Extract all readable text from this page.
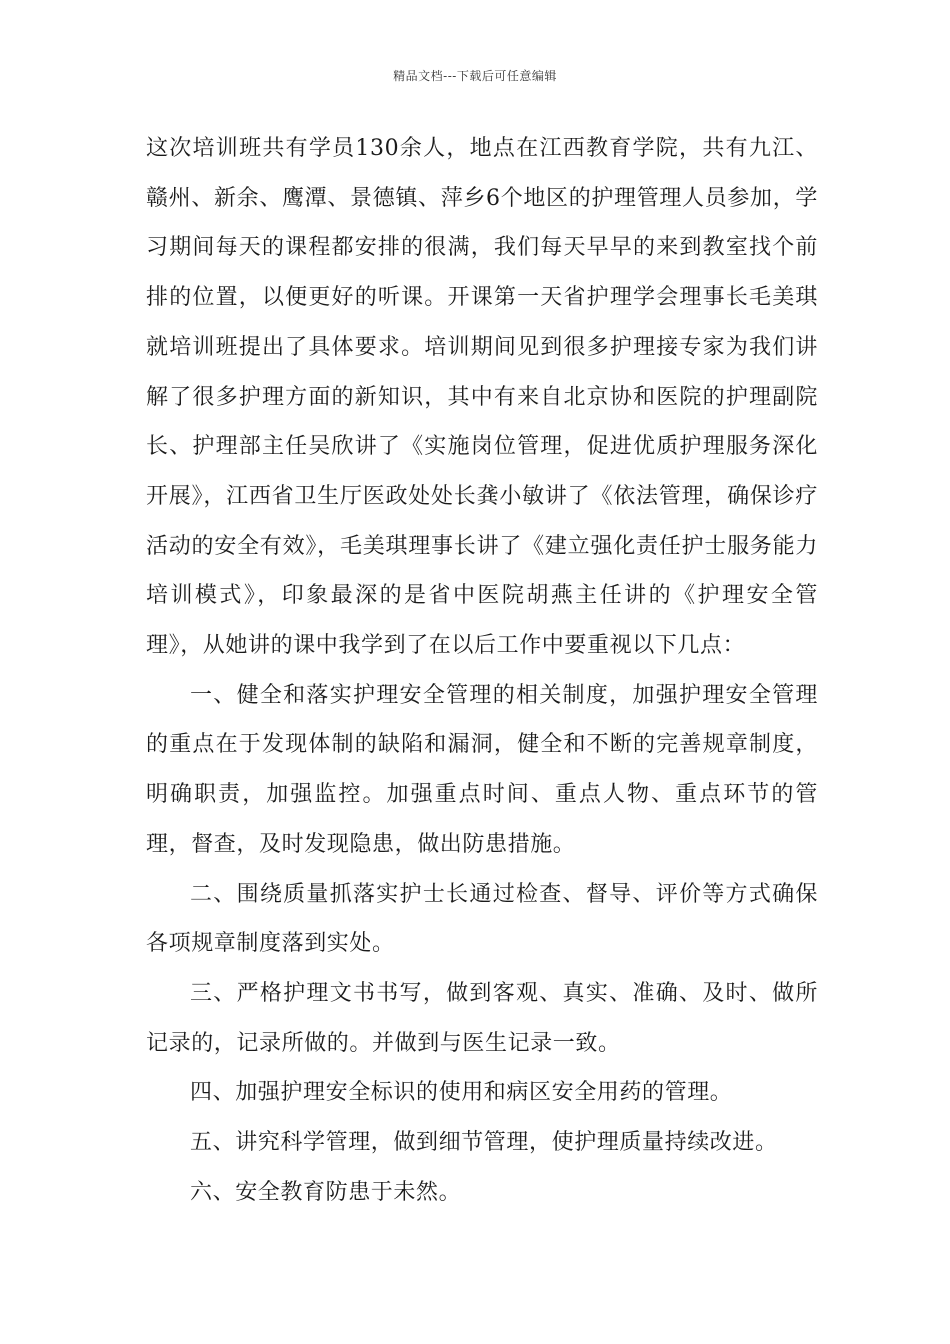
精品文档---下载后可任意编辑

这次培训班共有学员130余人，地点在江西教育学院，共有九江、赣州、新余、鹰潭、景德镇、萍乡6个地区的护理管理人员参加，学习期间每天的课程都安排的很满，我们每天早早的来到教室找个前排的位置，以便更好的听课。开课第一天省护理学会理事长毛美琪就培训班提出了具体要求。培训期间见到很多护理接专家为我们讲解了很多护理方面的新知识，其中有来自北京协和医院的护理副院长、护理部主任吴欣讲了《实施岗位管理，促进优质护理服务深化开展》，江西省卫生厅医政处处长龚小敏讲了《依法管理，确保诊疗活动的安全有效》，毛美琪理事长讲了《建立强化责任护士服务能力培训模式》，印象最深的是省中医院胡燕主任讲的《护理安全管理》，从她讲的课中我学到了在以后工作中要重视以下几点：

一、健全和落实护理安全管理的相关制度，加强护理安全管理的重点在于发现体制的缺陷和漏洞，健全和不断的完善规章制度，明确职责，加强监控。加强重点时间、重点人物、重点环节的管理，督查，及时发现隐患，做出防患措施。

二、围绕质量抓落实护士长通过检查、督导、评价等方式确保各项规章制度落到实处。

三、严格护理文书书写，做到客观、真实、准确、及时、做所记录的，记录所做的。并做到与医生记录一致。

四、加强护理安全标识的使用和病区安全用药的管理。

五、讲究科学管理，做到细节管理，使护理质量持续改进。

六、安全教育防患于未然。
